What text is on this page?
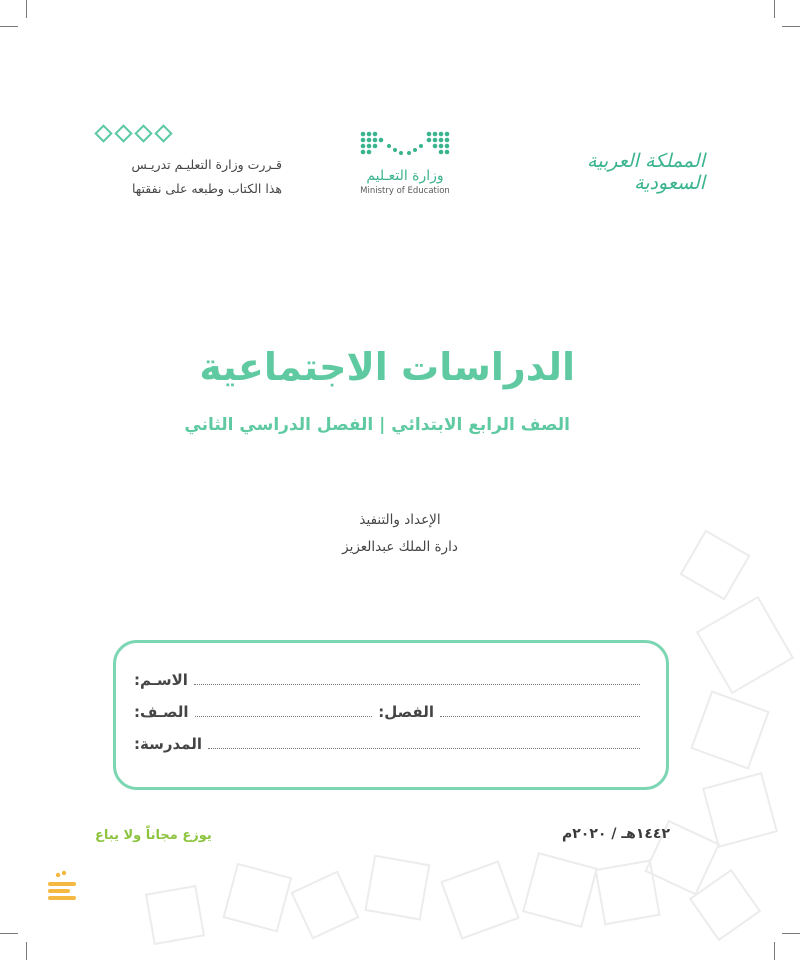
قـررت وزارة التعليـم تدريـس
هذا الكتاب وطبعه على نفقتها
وزارة التعـليم
Ministry of Education
المملكة العربية السعودية
الدراسات الاجتماعية
الصف الرابع الابتدائي | الفصل الدراسي الثاني
الإعداد والتنفيذ
دارة الملك عبدالعزيز
الاسـم:
الصـف:	الفصل:
المدرسة:
١٤٤٢هـ / ٢٠٢٠م
يوزع مجاناً ولا يباع
